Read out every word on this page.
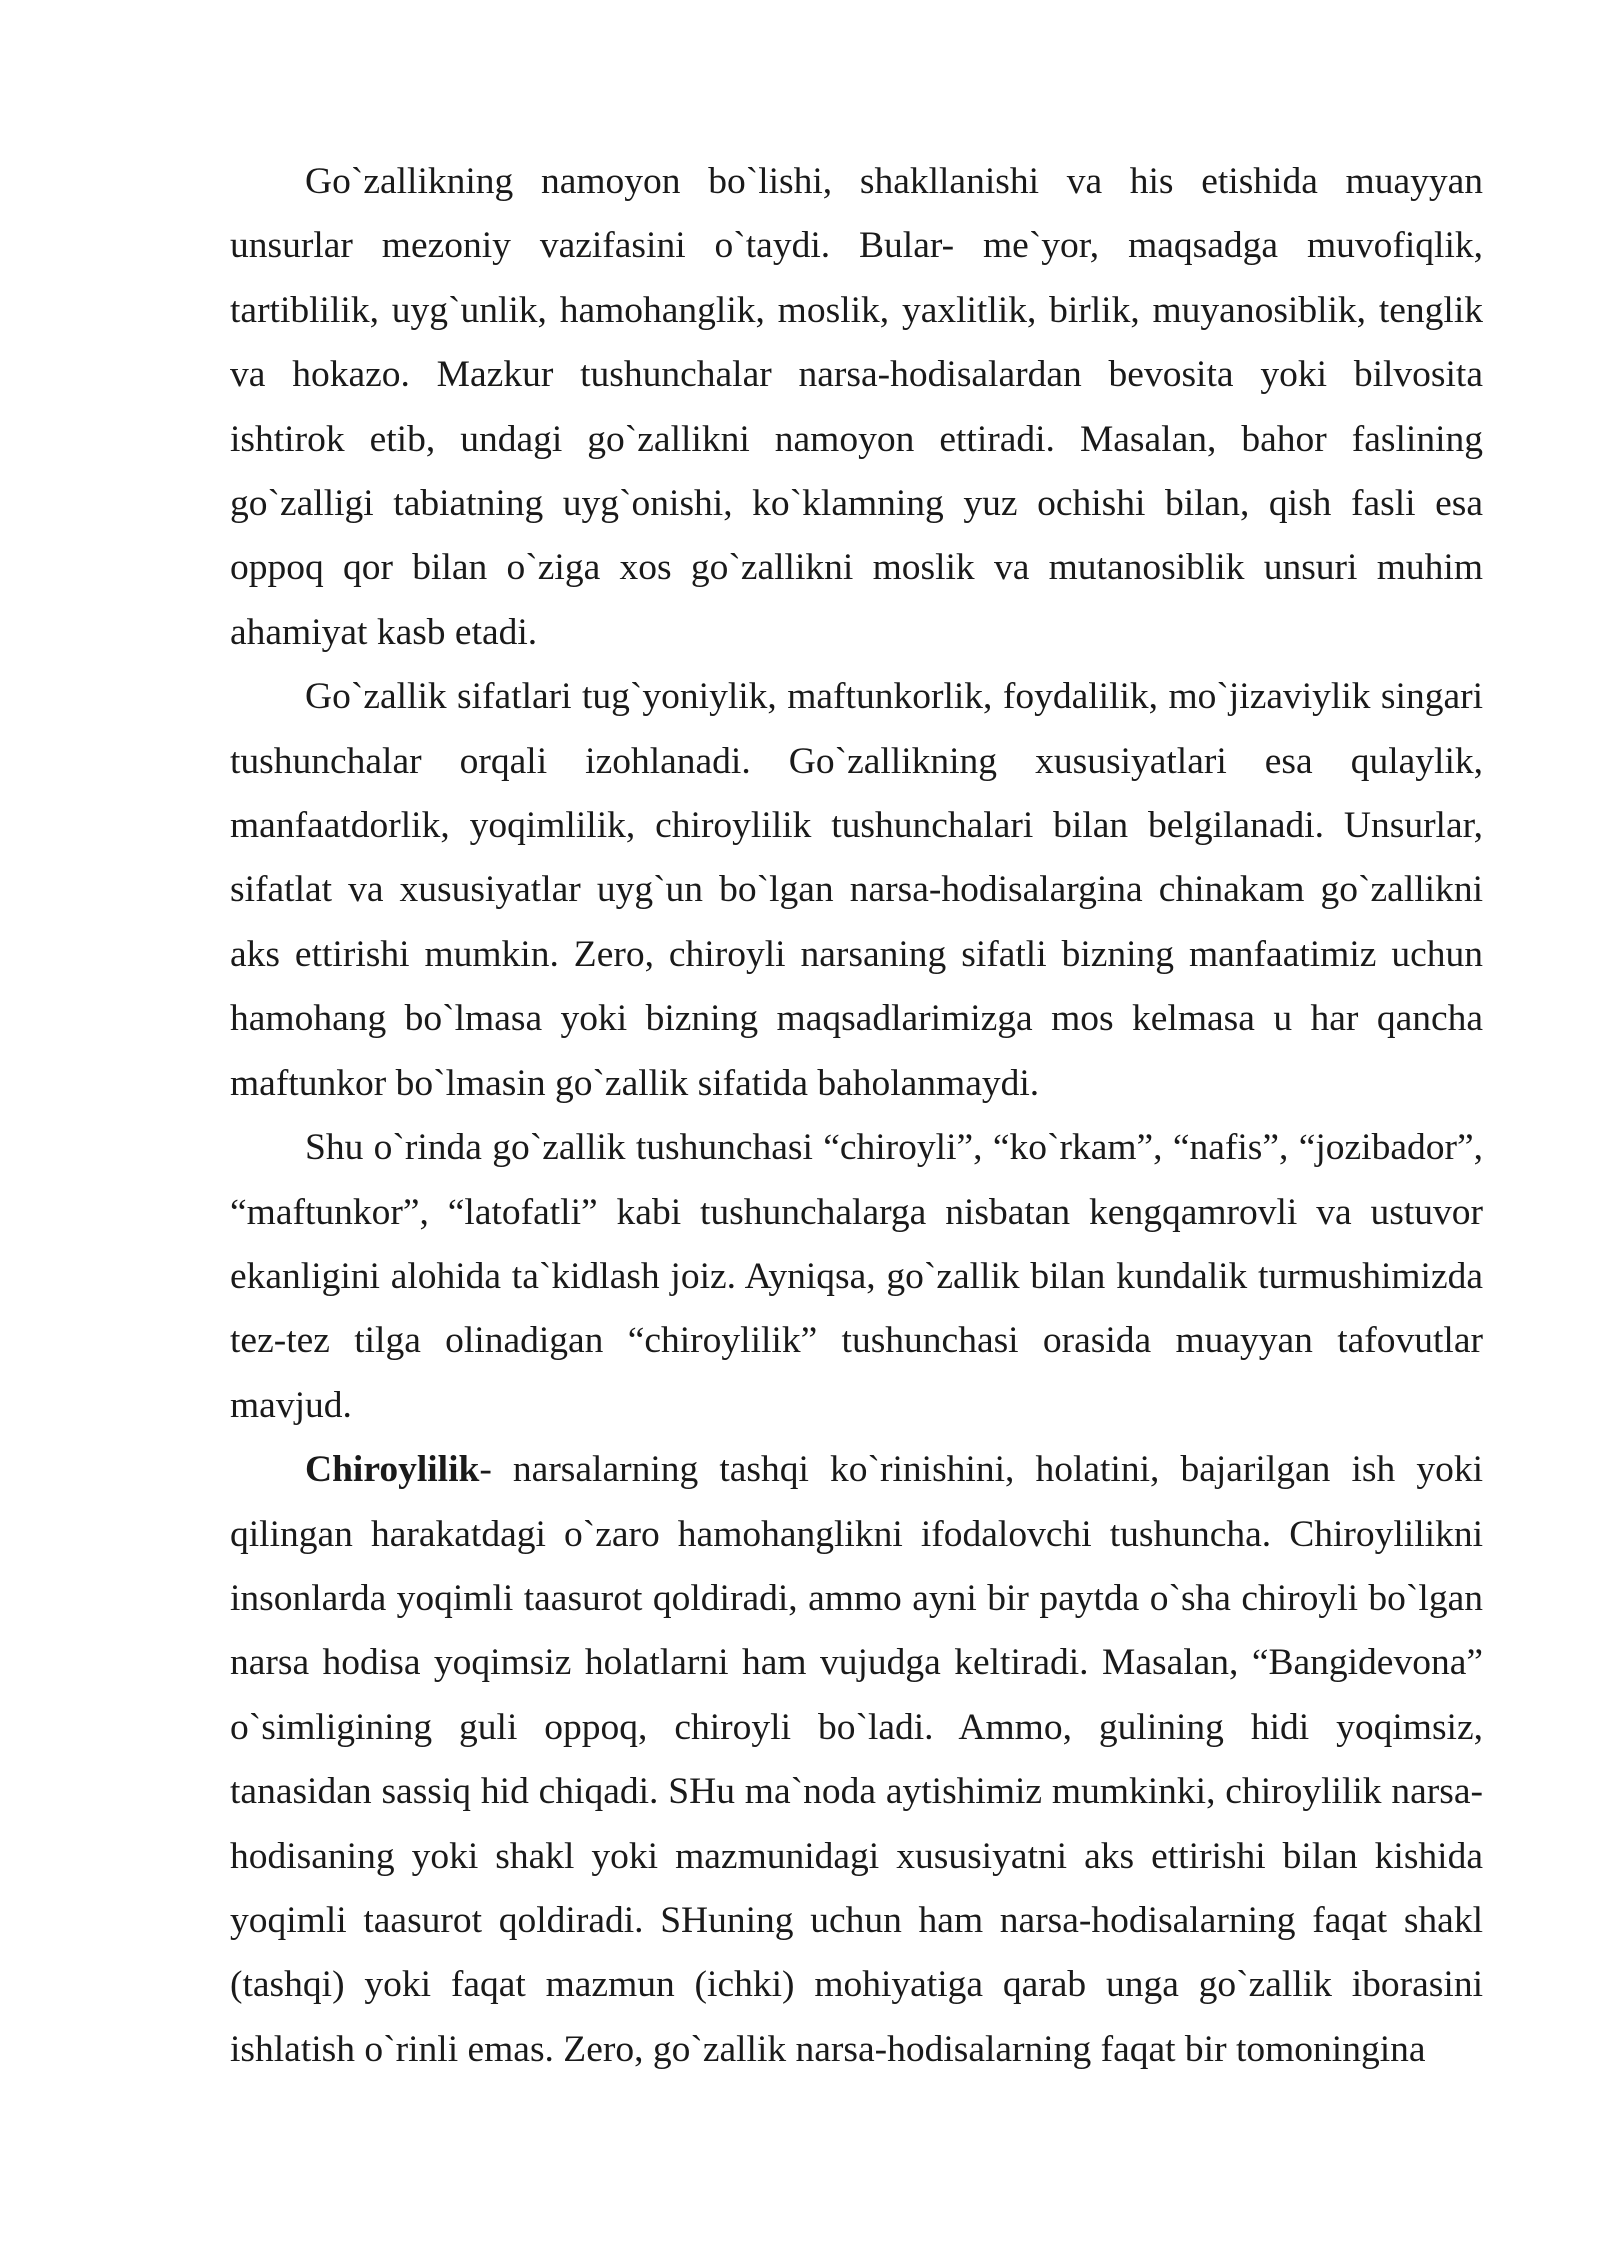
Go`zallikning namoyon bo`lishi, shakllanishi va his etishida muayyan unsurlar mezoniy vazifasini o`taydi. Bular- me`yor, maqsadga muvofiqlik, tartiblilik, uyg`unlik, hamohanglik, moslik, yaxlitlik, birlik, muyanosiblik, tenglik va hokazo. Mazkur tushunchalar narsa-hodisalardan bevosita yoki bilvosita ishtirok etib, undagi go`zallikni namoyon ettiradi. Masalan, bahor faslining go`zalligi tabiatning uyg`onishi, ko`klamning yuz ochishi bilan, qish fasli esa oppoq qor bilan o`ziga xos go`zallikni moslik va mutanosiblik unsuri muhim ahamiyat kasb etadi.

Go`zallik sifatlari tug`yoniylik, maftunkorlik, foydalilik, mo`jizaviylik singari tushunchalar orqali izohlanadi. Go`zallikning xususiyatlari esa qulaylik, manfaatdorlik, yoqimlilik, chiroylilik tushunchalari bilan belgilanadi. Unsurlar, sifatlat va xususiyatlar uyg`un bo`lgan narsa-hodisalargina chinakam go`zallikni aks ettirishi mumkin. Zero, chiroyli narsaning sifatli bizning manfaatimiz uchun hamohang bo`lmasa yoki bizning maqsadlarimizga mos kelmasa u har qancha maftunkor bo`lmasin go`zallik sifatida baholanmaydi.

Shu o`rinda go`zallik tushunchasi “chiroyli”, “ko`rkam”, “nafis”, “jozibador”, “maftunkor”, “latofatli” kabi tushunchalarga nisbatan kengqamrovli va ustuvor ekanligini alohida ta`kidlash joiz. Ayniqsa, go`zallik bilan kundalik turmushimizda tez-tez tilga olinadigan “chiroylilik” tushunchasi orasida muayyan tafovutlar mavjud.

Chiroylilik- narsalarning tashqi ko`rinishini, holatini, bajarilgan ish yoki qilingan harakatdagi o`zaro hamohanglikni ifodalovchi tushuncha. Chiroylilikni insonlarda yoqimli taasurot qoldiradi, ammo ayni bir paytda o`sha chiroyli bo`lgan narsa hodisa yoqimsiz holatlarni ham vujudga keltiradi. Masalan, “Bangidevona” o`simligining guli oppoq, chiroyli bo`ladi. Ammo, gulining hidi yoqimsiz, tanasidan sassiq hid chiqadi. SHu ma`noda aytishimiz mumkinki, chiroylilik narsa-hodisaning yoki shakl yoki mazmunidagi xususiyatni aks ettirishi bilan kishida yoqimli taasurot qoldiradi. SHuning uchun ham narsa-hodisalarning faqat shakl (tashqi) yoki faqat mazmun (ichki) mohiyatiga qarab unga go`zallik iborasini ishlatish o`rinli emas. Zero, go`zallik narsa-hodisalarning faqat bir tomoningina
